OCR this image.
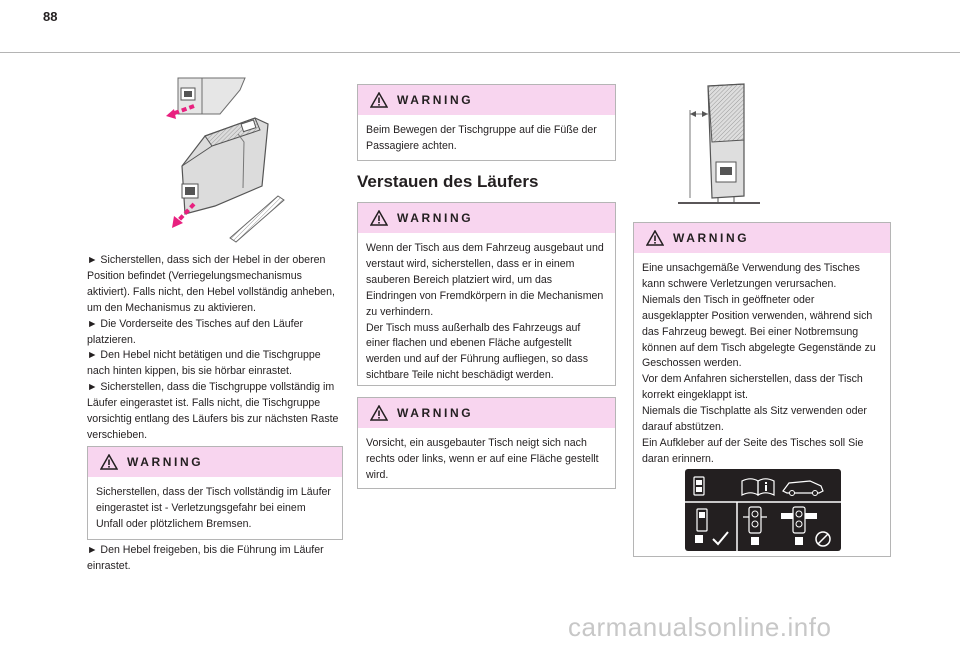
88

► Sicherstellen, dass sich der Hebel in der oberen Position befindet (Verriegelungsmechanismus aktiviert). Falls nicht, den Hebel vollständig anheben, um den Mechanismus zu aktivieren.

► Die Vorderseite des Tisches auf den Läufer platzieren.

► Den Hebel nicht betätigen und die Tischgruppe nach hinten kippen, bis sie hörbar einrastet.

► Sicherstellen, dass die Tischgruppe vollständig im Läufer eingerastet ist. Falls nicht, die Tischgruppe vorsichtig entlang des Läufers bis zur nächsten Raste verschieben.

WARNING
Sicherstellen, dass der Tisch vollständig im Läufer eingerastet ist - Verletzungsgefahr bei einem Unfall oder plötzlichem Bremsen.
► Den Hebel freigeben, bis die Führung im Läufer einrastet.
WARNING
Beim Bewegen der Tischgruppe auf die Füße der Passagiere achten.
Verstauen des Läufers
WARNING
Wenn der Tisch aus dem Fahrzeug ausgebaut und verstaut wird, sicherstellen, dass er in einem sauberen Bereich platziert wird, um das Eindringen von Fremdkörpern in die Mechanismen zu verhindern.
Der Tisch muss außerhalb des Fahrzeugs auf einer flachen und ebenen Fläche aufgestellt werden und auf der Führung aufliegen, so dass sichtbare Teile nicht beschädigt werden.
WARNING
Vorsicht, ein ausgebauter Tisch neigt sich nach rechts oder links, wenn er auf eine Fläche gestellt wird.
WARNING
Eine unsachgemäße Verwendung des Tisches kann schwere Verletzungen verursachen.
Niemals den Tisch in geöffneter oder ausgeklappter Position verwenden, während sich das Fahrzeug bewegt. Bei einer Notbremsung können auf dem Tisch abgelegte Gegenstände zu Geschossen werden.
Vor dem Anfahren sicherstellen, dass der Tisch korrekt eingeklappt ist.
Niemals die Tischplatte als Sitz verwenden oder darauf abstützen.
Ein Aufkleber auf der Seite des Tisches soll Sie daran erinnern.
carmanualsonline.info
